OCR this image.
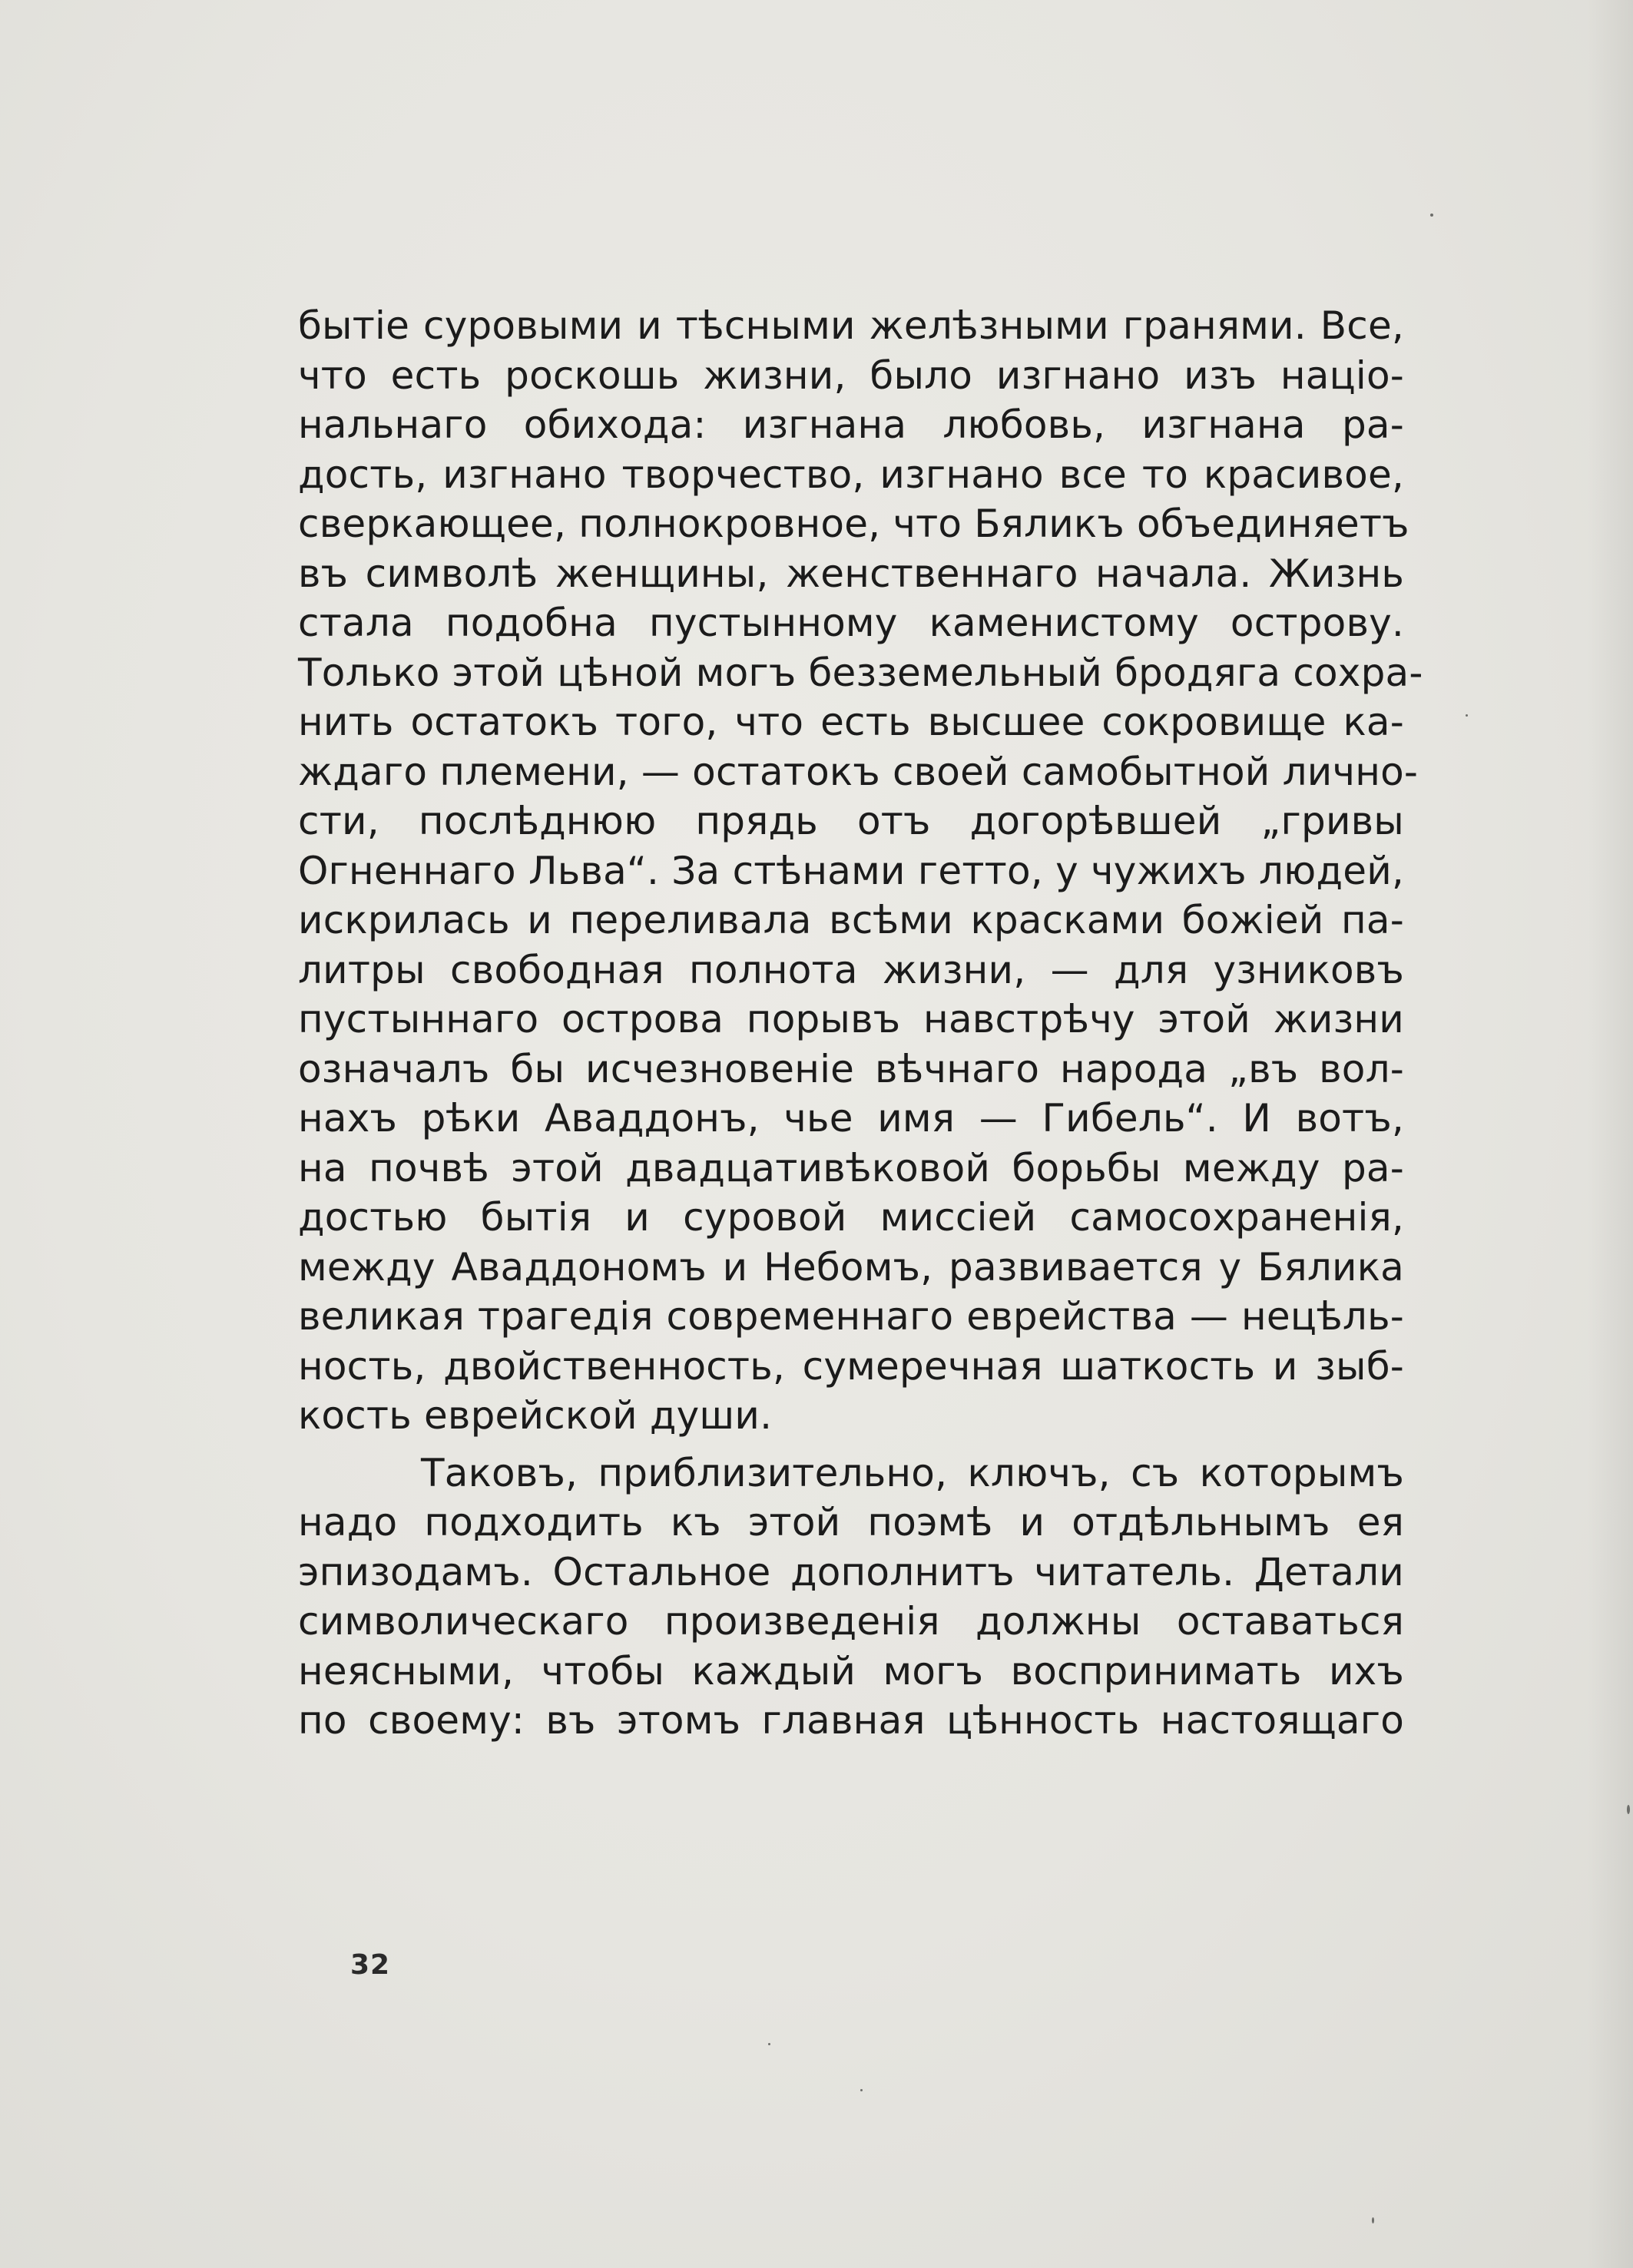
бытіе суровыми и тѣсными желѣзными гранями. Все,
что есть роскошь жизни, было изгнано изъ націо-
нальнаго обихода: изгнана любовь, изгнана ра-
дость, изгнано творчество, изгнано все то красивое,
сверкающее, полнокровное, что Бяликъ объединяетъ
въ символѣ женщины, женственнаго начала. Жизнь
стала подобна пустынному каменистому острову.
Только этой цѣной могъ безземельный бродяга сохра-
нить остатокъ того, что есть высшее сокровище ка-
ждаго племени, — остатокъ своей самобытной лично-
сти, послѣднюю прядь отъ догорѣвшей „гривы
Огненнаго Льва“. За стѣнами гетто, у чужихъ людей,
искрилась и переливала всѣми красками божіей па-
литры свободная полнота жизни, — для узниковъ
пустыннаго острова порывъ навстрѣчу этой жизни
означалъ бы исчезновеніе вѣчнаго народа „въ вол-
нахъ рѣки Аваддонъ, чье имя — Гибель“. И вотъ,
на почвѣ этой двадцативѣковой борьбы между ра-
достью бытія и суровой миссіей самосохраненія,
между Аваддономъ и Небомъ, развивается у Бялика
великая трагедія современнаго еврейства — нецѣль-
ность, двойственность, сумеречная шаткость и зыб-
кость еврейской души.
Таковъ, приблизительно, ключъ, съ которымъ
надо подходить къ этой поэмѣ и отдѣльнымъ ея
эпизодамъ. Остальное дополнитъ читатель. Детали
символическаго произведенія должны оставаться
неясными, чтобы каждый могъ воспринимать ихъ
по своему: въ этомъ главная цѣнность настоящаго
32
